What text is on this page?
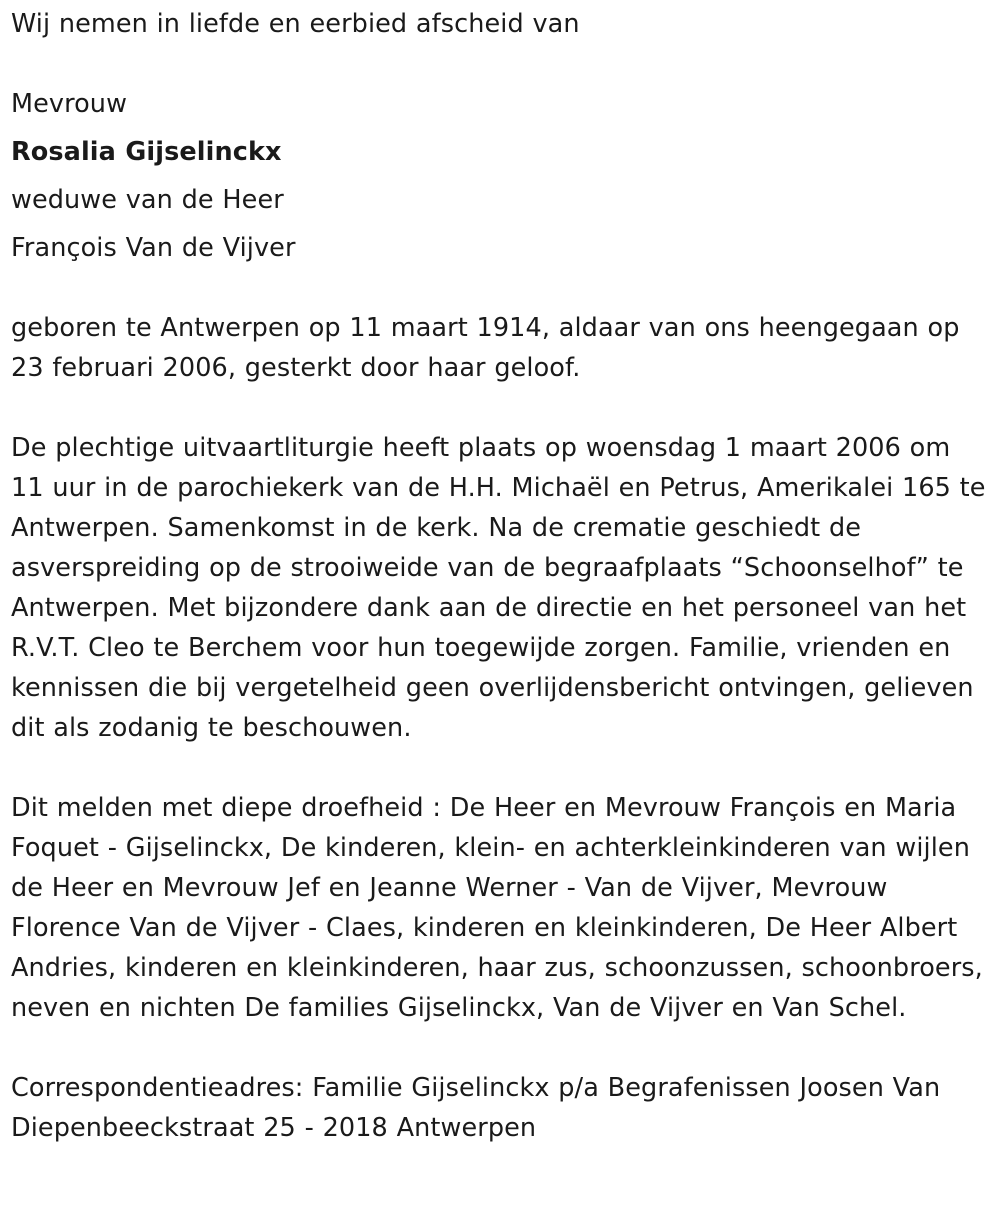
Wij nemen in liefde en eerbied afscheid van

Mevrouw

Rosalia Gijselinckx

weduwe van de Heer

François Van de Vijver

geboren te Antwerpen op 11 maart 1914, aldaar van ons heengegaan op 23 februari 2006, gesterkt door haar geloof.

De plechtige uitvaartliturgie heeft plaats op woensdag 1 maart 2006 om 11 uur in de parochiekerk van de H.H. Michaël en Petrus, Amerikalei 165 te Antwerpen. Samenkomst in de kerk. Na de crematie geschiedt de asverspreiding op de strooiweide van de begraafplaats “Schoonselhof” te Antwerpen. Met bijzondere dank aan de directie en het personeel van het R.V.T. Cleo te Berchem voor hun toegewijde zorgen. Familie, vrienden en kennissen die bij vergetelheid geen overlijdensbericht ontvingen, gelieven dit als zodanig te beschouwen.

Dit melden met diepe droefheid : De Heer en Mevrouw François en Maria Foquet - Gijselinckx, De kinderen, klein- en achterkleinkinderen van wijlen de Heer en Mevrouw Jef en Jeanne Werner - Van de Vijver, Mevrouw Florence Van de Vijver - Claes, kinderen en kleinkinderen, De Heer Albert Andries, kinderen en kleinkinderen, haar zus, schoonzussen, schoonbroers, neven en nichten De families Gijselinckx, Van de Vijver en Van Schel.

Correspondentieadres: Familie Gijselinckx p/a Begrafenissen Joosen Van Diepenbeeckstraat 25 - 2018 Antwerpen
